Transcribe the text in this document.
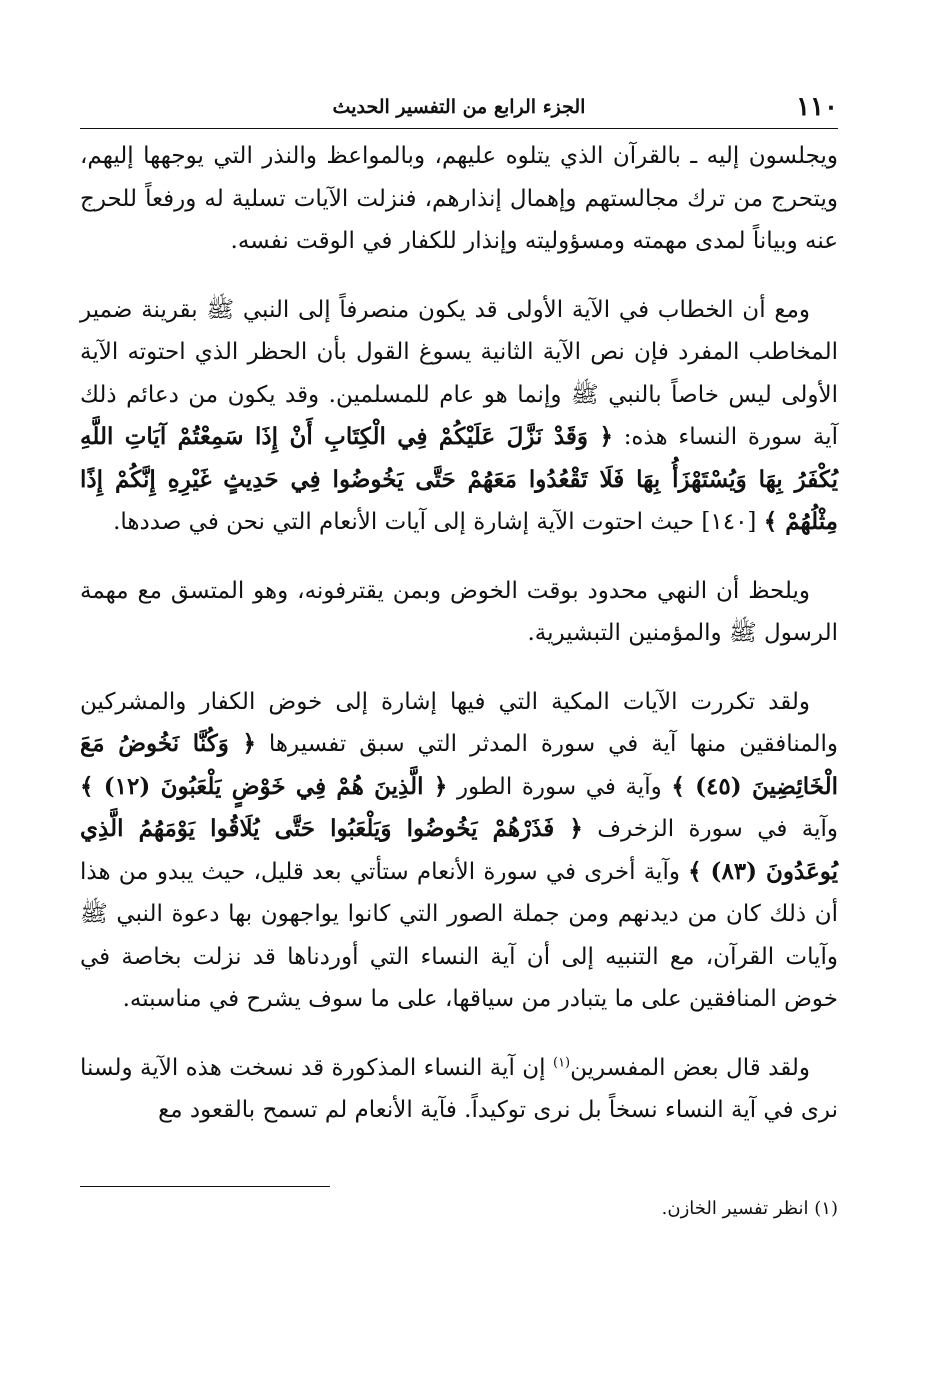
١١٠
الجزء الرابع من التفسير الحديث

ويجلسون إليه ـ بالقرآن الذي يتلوه عليهم، وبالمواعظ والنذر التي يوجهها إليهم، ويتحرج من ترك مجالستهم وإهمال إنذارهم، فنزلت الآيات تسلية له ورفعاً للحرج عنه وبياناً لمدى مهمته ومسؤوليته وإنذار للكفار في الوقت نفسه.

ومع أن الخطاب في الآية الأولى قد يكون منصرفاً إلى النبي ﷺ بقرينة ضمير المخاطب المفرد فإن نص الآية الثانية يسوغ القول بأن الحظر الذي احتوته الآية الأولى ليس خاصاً بالنبي ﷺ وإنما هو عام للمسلمين. وقد يكون من دعائم ذلك آية سورة النساء هذه: ﴿ وَقَدْ نَزَّلَ عَلَيْكُمْ فِي الْكِتَابِ أَنْ إِذَا سَمِعْتُمْ آيَاتِ اللَّهِ يُكْفَرُ بِهَا وَيُسْتَهْزَأُ بِهَا فَلَا تَقْعُدُوا مَعَهُمْ حَتَّى يَخُوضُوا فِي حَدِيثٍ غَيْرِهِ إِنَّكُمْ إِذًا مِثْلُهُمْ ﴾ [١٤٠] حيث احتوت الآية إشارة إلى آيات الأنعام التي نحن في صددها.

ويلحظ أن النهي محدود بوقت الخوض وبمن يقترفونه، وهو المتسق مع مهمة الرسول ﷺ والمؤمنين التبشيرية.

ولقد تكررت الآيات المكية التي فيها إشارة إلى خوض الكفار والمشركين والمنافقين منها آية في سورة المدثر التي سبق تفسيرها ﴿ وَكُنَّا نَخُوضُ مَعَ الْخَائِضِينَ (٤٥) ﴾ وآية في سورة الطور ﴿ الَّذِينَ هُمْ فِي خَوْضٍ يَلْعَبُونَ (١٢) ﴾ وآية في سورة الزخرف ﴿ فَذَرْهُمْ يَخُوضُوا وَيَلْعَبُوا حَتَّى يُلَاقُوا يَوْمَهُمُ الَّذِي يُوعَدُونَ (٨٣) ﴾ وآية أخرى في سورة الأنعام ستأتي بعد قليل، حيث يبدو من هذا أن ذلك كان من ديدنهم ومن جملة الصور التي كانوا يواجهون بها دعوة النبي ﷺ وآيات القرآن، مع التنبيه إلى أن آية النساء التي أوردناها قد نزلت بخاصة في خوض المنافقين على ما يتبادر من سياقها، على ما سوف يشرح في مناسبته.

ولقد قال بعض المفسرين$^{(١)}$ إن آية النساء المذكورة قد نسخت هذه الآية ولسنا نرى في آية النساء نسخاً بل نرى توكيداً. فآية الأنعام لم تسمح بالقعود مع

(١) انظر تفسير الخازن.
